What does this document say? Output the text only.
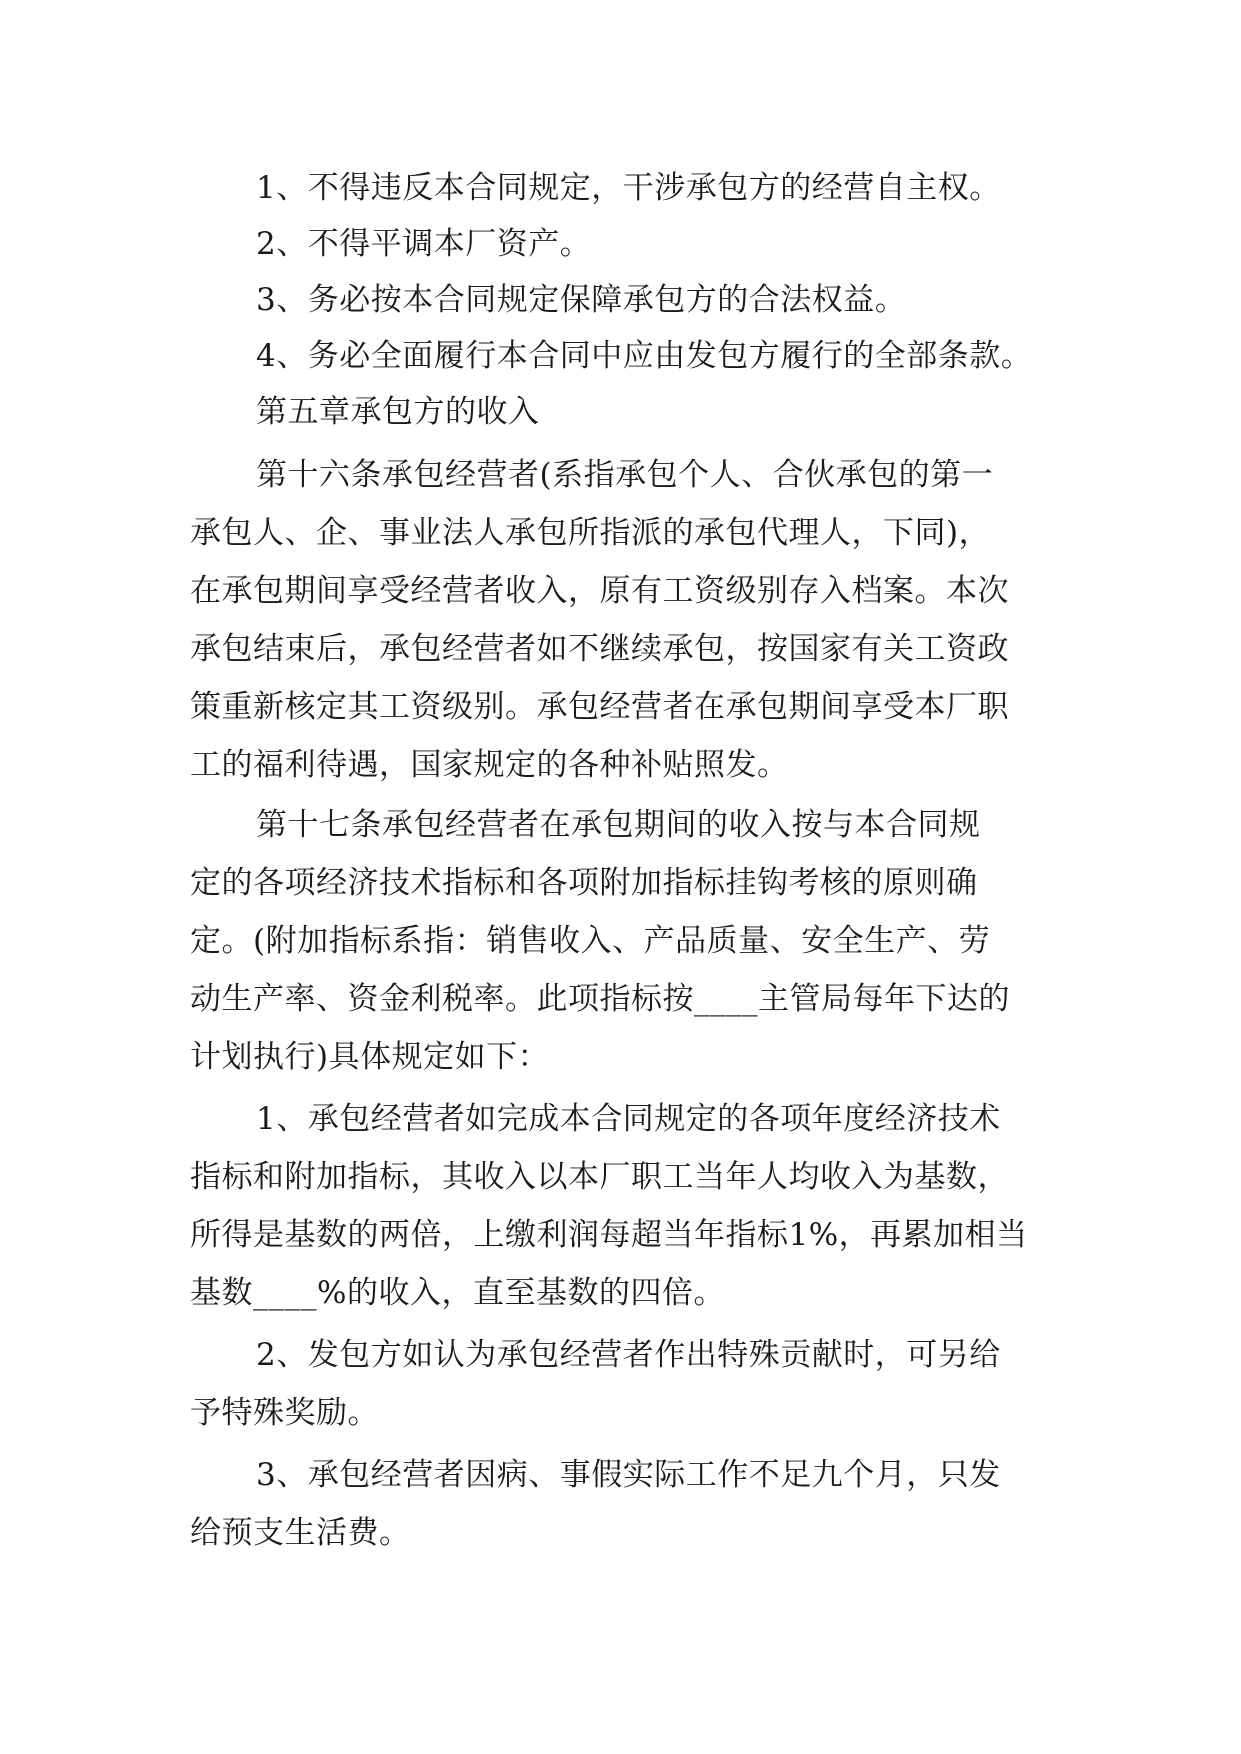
1、不得违反本合同规定，干涉承包方的经营自主权。
2、不得平调本厂资产。
3、务必按本合同规定保障承包方的合法权益。
4、务必全面履行本合同中应由发包方履行的全部条款。
第五章承包方的收入
第十六条承包经营者(系指承包个人、合伙承包的第一
承包人、企、事业法人承包所指派的承包代理人，下同)，
在承包期间享受经营者收入，原有工资级别存入档案。本次
承包结束后，承包经营者如不继续承包，按国家有关工资政
策重新核定其工资级别。承包经营者在承包期间享受本厂职
工的福利待遇，国家规定的各种补贴照发。
第十七条承包经营者在承包期间的收入按与本合同规
定的各项经济技术指标和各项附加指标挂钩考核的原则确
定。(附加指标系指：销售收入、产品质量、安全生产、劳
动生产率、资金利税率。此项指标按____主管局每年下达的
计划执行)具体规定如下：
1、承包经营者如完成本合同规定的各项年度经济技术
指标和附加指标，其收入以本厂职工当年人均收入为基数，
所得是基数的两倍，上缴利润每超当年指标1%，再累加相当
基数____%的收入，直至基数的四倍。
2、发包方如认为承包经营者作出特殊贡献时，可另给
予特殊奖励。
3、承包经营者因病、事假实际工作不足九个月，只发
给预支生活费。
